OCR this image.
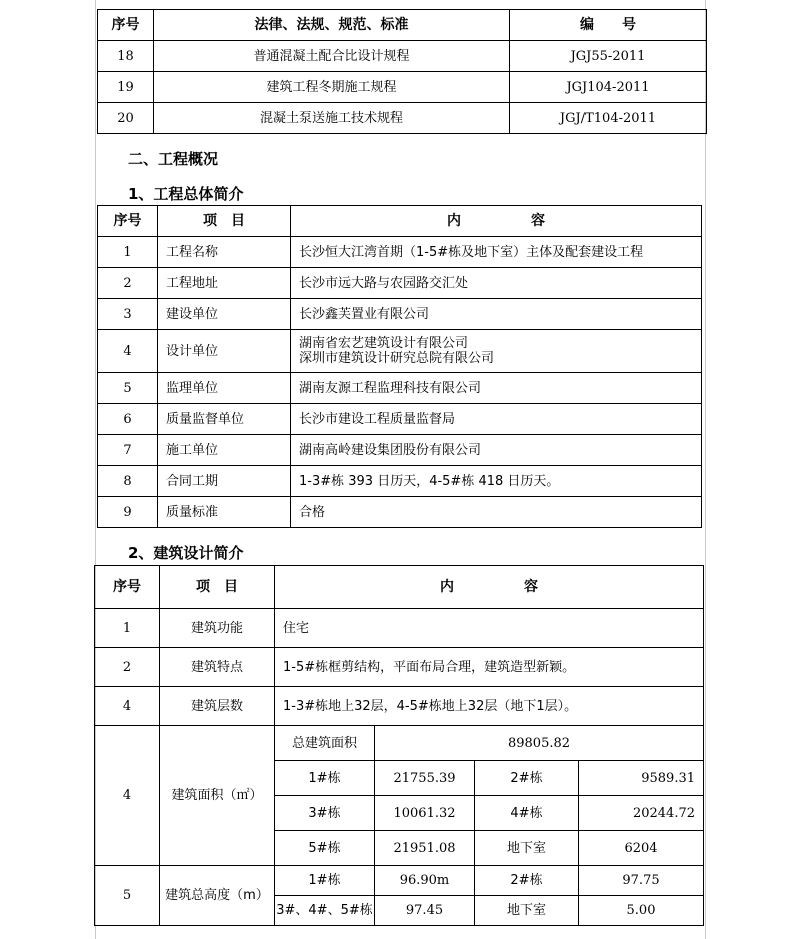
序号	法律、法规、规范、标准	编　　号
18	普通混凝土配合比设计规程	JGJ55-2011
19	建筑工程冬期施工规程	JGJ104-2011
20	混凝土泵送施工技术规程	JGJ/T104-2011
二、工程概况
1、工程总体简介
序号	项　目	内　　　　　容
1	工程名称	长沙恒大江湾首期（1-5#栋及地下室）主体及配套建设工程
2	工程地址	长沙市远大路与农园路交汇处
3	建设单位	长沙鑫芙置业有限公司
4	设计单位	湖南省宏艺建筑设计有限公司
深圳市建筑设计研究总院有限公司

5	监理单位	湖南友源工程监理科技有限公司
6	质量监督单位	长沙市建设工程质量监督局
7	施工单位	湖南高岭建设集团股份有限公司
8	合同工期	1-3#栋 393 日历天，4-5#栋 418 日历天。
9	质量标准	合格
2、建筑设计简介
序号	项　目	内　　　　　容			
1	建筑功能	住宅			
2	建筑特点	1-5#栋框剪结构，平面布局合理，建筑造型新颖。			
4	建筑层数	1-3#栋地上32层，4-5#栋地上32层（地下1层）。			
4	建筑面积（㎡）	总建筑面积	89805.82		
		1#栋	21755.39	2#栋	9589.31
		3#栋	10061.32	4#栋	20244.72
		5#栋	21951.08	地下室	6204
5	建筑总高度（m）	1#栋	96.90m	2#栋	97.75
		3#、4#、5#栋	97.45	地下室	5.00
